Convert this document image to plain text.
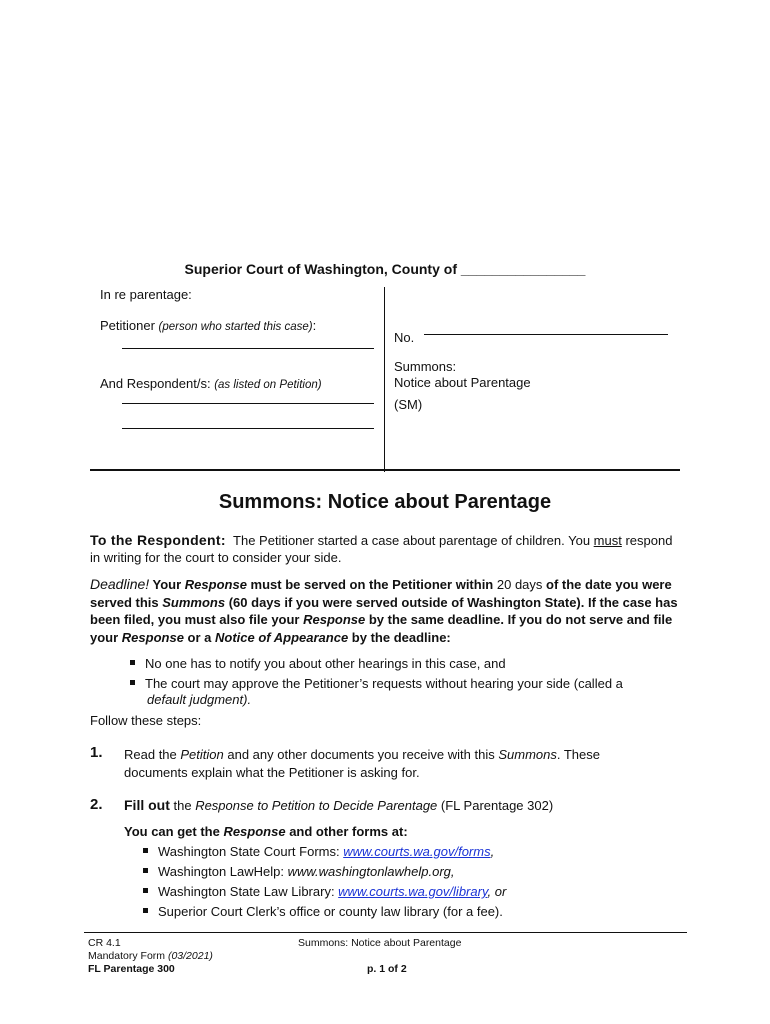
Superior Court of Washington, County of ________________
In re parentage:
Petitioner (person who started this case):
And Respondent/s: (as listed on Petition)
No.
Summons:
Notice about Parentage
(SM)
Summons: Notice about Parentage
To the Respondent: The Petitioner started a case about parentage of children. You must respond in writing for the court to consider your side.
Deadline! Your Response must be served on the Petitioner within 20 days of the date you were served this Summons (60 days if you were served outside of Washington State). If the case has been filed, you must also file your Response by the same deadline. If you do not serve and file your Response or a Notice of Appearance by the deadline:
No one has to notify you about other hearings in this case, and
The court may approve the Petitioner’s requests without hearing your side (called a
default judgment).
Follow these steps:
1. Read the Petition and any other documents you receive with this Summons. These
documents explain what the Petitioner is asking for.
2. Fill out the Response to Petition to Decide Parentage (FL Parentage 302)
You can get the Response and other forms at:
Washington State Court Forms: www.courts.wa.gov/forms,
Washington LawHelp: www.washingtonlawhelp.org,
Washington State Law Library: www.courts.wa.gov/library, or
Superior Court Clerk’s office or county law library (for a fee).
CR 4.1
Mandatory Form (03/2021)
FL Parentage 300
Summons: Notice about Parentage
p. 1 of 2
